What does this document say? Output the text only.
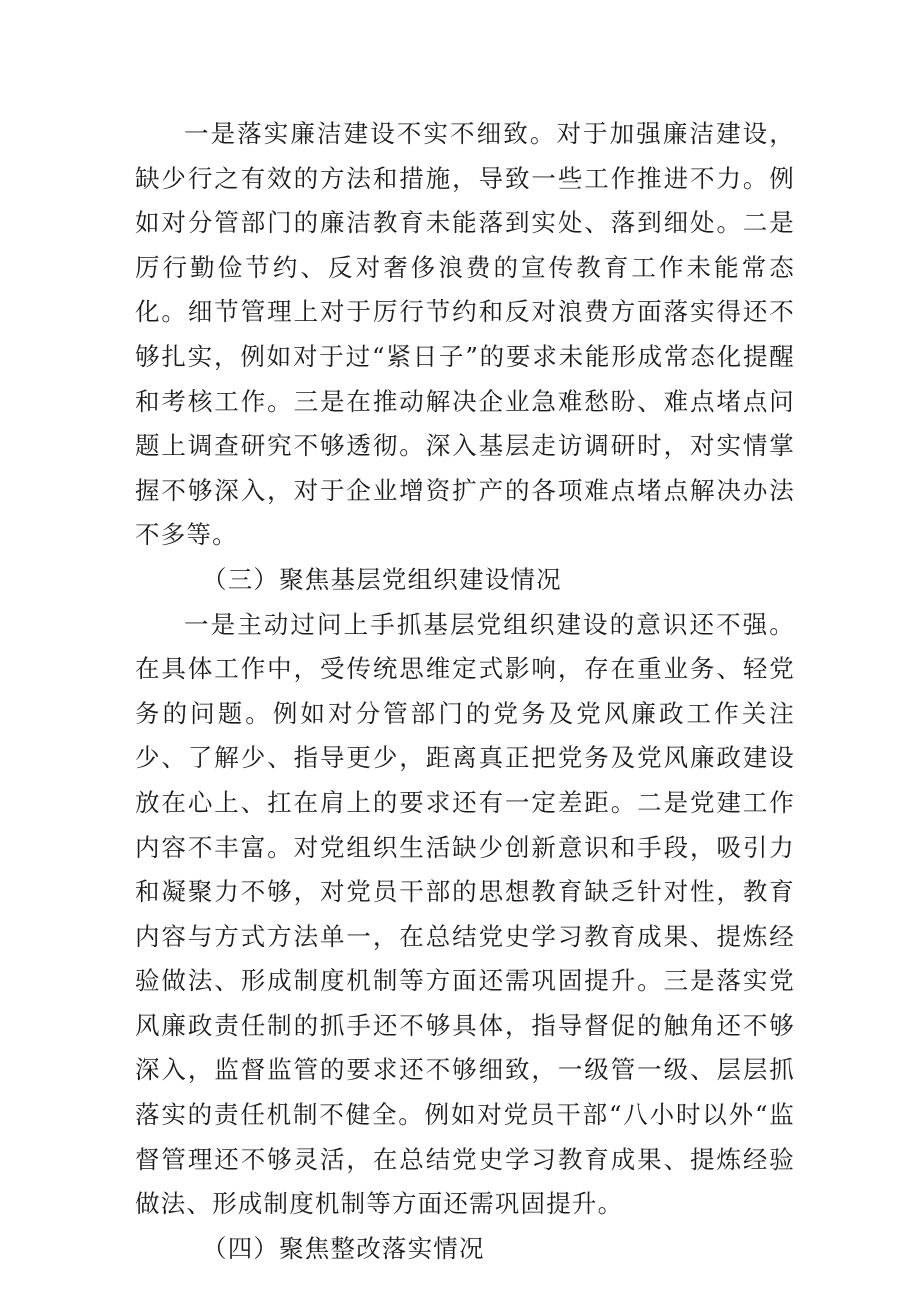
一是落实廉洁建设不实不细致。对于加强廉洁建设，缺少行之有效的方法和措施，导致一些工作推进不力。例如对分管部门的廉洁教育未能落到实处、落到细处。二是厉行勤俭节约、反对奢侈浪费的宣传教育工作未能常态化。细节管理上对于厉行节约和反对浪费方面落实得还不够扎实，例如对于过“紧日子”的要求未能形成常态化提醒和考核工作。三是在推动解决企业急难愁盼、难点堵点问题上调查研究不够透彻。深入基层走访调研时，对实情掌握不够深入，对于企业增资扩产的各项难点堵点解决办法不多等。

（三）聚焦基层党组织建设情况

一是主动过问上手抓基层党组织建设的意识还不强。在具体工作中，受传统思维定式影响，存在重业务、轻党务的问题。例如对分管部门的党务及党风廉政工作关注少、了解少、指导更少，距离真正把党务及党风廉政建设放在心上、扛在肩上的要求还有一定差距。二是党建工作内容不丰富。对党组织生活缺少创新意识和手段，吸引力和凝聚力不够，对党员干部的思想教育缺乏针对性，教育内容与方式方法单一，在总结党史学习教育成果、提炼经验做法、形成制度机制等方面还需巩固提升。三是落实党风廉政责任制的抓手还不够具体，指导督促的触角还不够深入，监督监管的要求还不够细致，一级管一级、层层抓落实的责任机制不健全。例如对党员干部“八小时以外“监督管理还不够灵活，在总结党史学习教育成果、提炼经验做法、形成制度机制等方面还需巩固提升。

（四）聚焦整改落实情况
